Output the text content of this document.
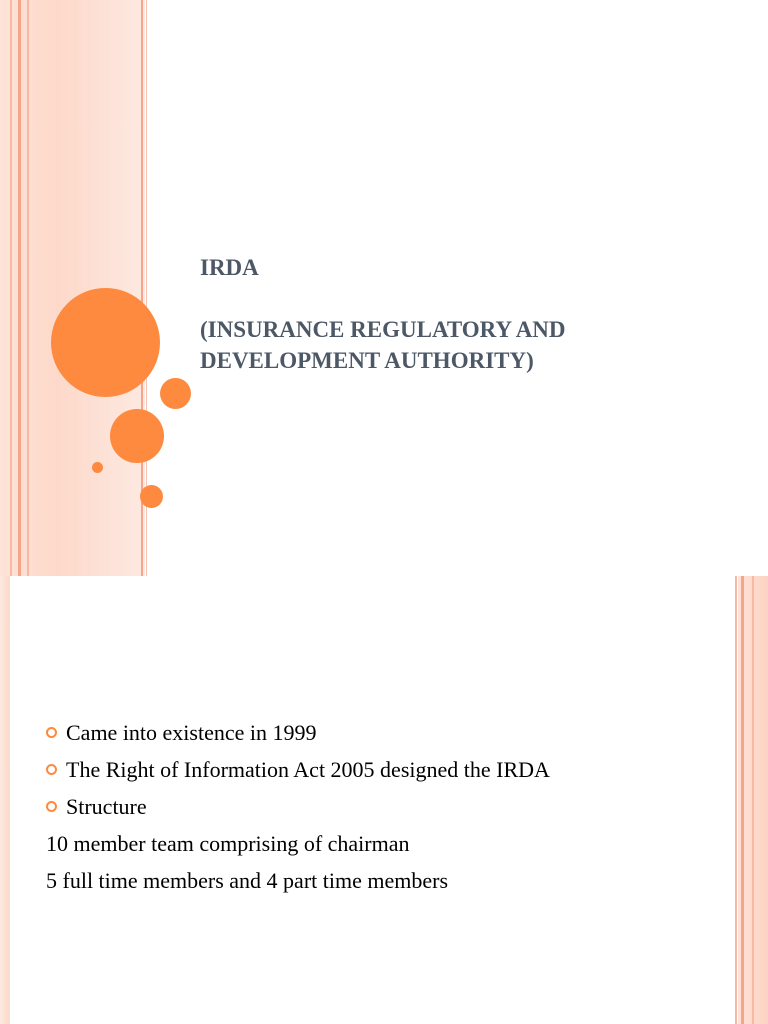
IRDA
(INSURANCE REGULATORY AND
DEVELOPMENT AUTHORITY)
Came into existence in 1999
The Right of Information Act 2005 designed the IRDA
Structure
10 member team comprising of chairman
5 full time members and 4 part time members
